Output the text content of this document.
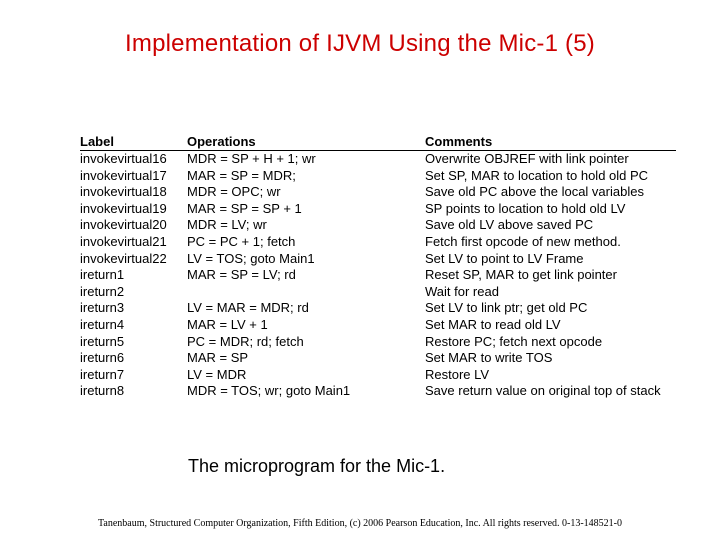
Implementation of IJVM Using the Mic-1 (5)
Label	Operations	Comments
invokevirtual16	MDR = SP + H + 1; wr	Overwrite OBJREF with link pointer
invokevirtual17	MAR = SP = MDR;	Set SP, MAR to location to hold old PC
invokevirtual18	MDR = OPC; wr	Save old PC above the local variables
invokevirtual19	MAR = SP = SP + 1	SP points to location to hold old LV
invokevirtual20	MDR = LV; wr	Save old LV above saved PC
invokevirtual21	PC = PC + 1; fetch	Fetch first opcode of new method.
invokevirtual22	LV = TOS; goto Main1	Set LV to point to LV Frame
ireturn1	MAR = SP = LV; rd	Reset SP, MAR to get link pointer
ireturn2		Wait for read
ireturn3	LV = MAR = MDR; rd	Set LV to link ptr; get old PC
ireturn4	MAR = LV + 1	Set MAR to read old LV
ireturn5	PC = MDR; rd; fetch	Restore PC; fetch next opcode
ireturn6	MAR = SP	Set MAR to write TOS
ireturn7	LV = MDR	Restore LV
ireturn8	MDR = TOS; wr; goto Main1	Save return value on original top of stack
The microprogram for the Mic-1.
Tanenbaum, Structured Computer Organization, Fifth Edition, (c) 2006 Pearson Education, Inc. All rights reserved. 0-13-148521-0
